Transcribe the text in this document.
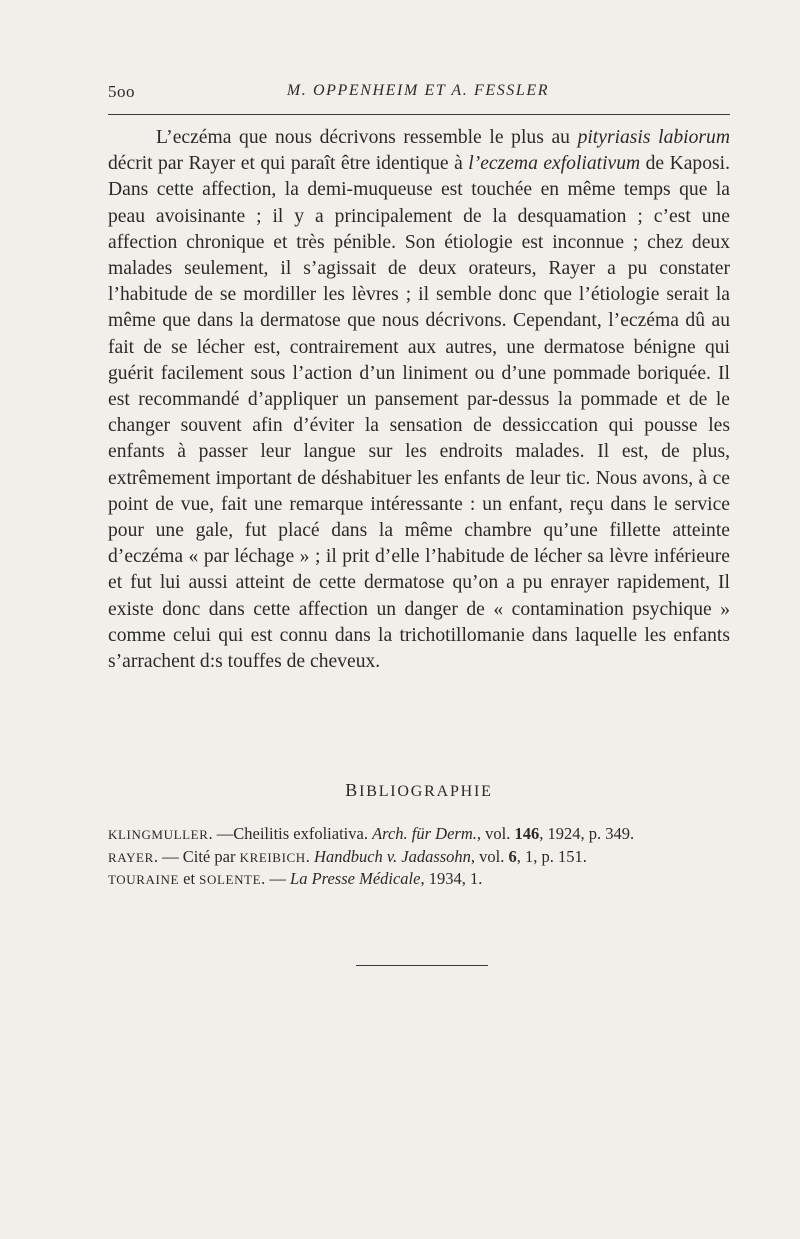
5oo	M. OPPENHEIM ET A. FESSLER

L’eczéma que nous décrivons ressemble le plus au pityriasis labiorum décrit par Rayer et qui paraît être identique à l’eczema exfoliativum de Kaposi. Dans cette affection, la demi-muqueuse est touchée en même temps que la peau avoisinante ; il y a principalement de la desquamation ; c’est une affection chronique et très pénible. Son étiologie est inconnue ; chez deux malades seulement, il s’agissait de deux orateurs, Rayer a pu constater l’habitude de se mordiller les lèvres ; il semble donc que l’étiologie serait la même que dans la dermatose que nous décrivons. Cependant, l’eczéma dû au fait de se lécher est, contrairement aux autres, une dermatose bénigne qui guérit facilement sous l’action d’un liniment ou d’une pommade boriquée. Il est recommandé d’appliquer un pansement par-dessus la pommade et de le changer souvent afin d’éviter la sensation de dessiccation qui pousse les enfants à passer leur langue sur les endroits malades. Il est, de plus, extrêmement important de déshabituer les enfants de leur tic. Nous avons, à ce point de vue, fait une remarque intéressante : un enfant, reçu dans le service pour une gale, fut placé dans la même chambre qu’une fillette atteinte d’eczéma « par léchage » ; il prit d’elle l’habitude de lécher sa lèvre inférieure et fut lui aussi atteint de cette dermatose qu’on a pu enrayer rapidement, Il existe donc dans cette affection un danger de « contamination psychique » comme celui qui est connu dans la trichotillomanie dans laquelle les enfants s’arrachent d:s touffes de cheveux.

BIBLIOGRAPHIE
KLINGMULLER. —Cheilitis exfoliativa. Arch. für Derm., vol. 146, 1924, p. 349.
RAYER. — Cité par KREIBICH. Handbuch v. Jadassohn, vol. 6, 1, p. 151.
TOURAINE et SOLENTE. — La Presse Médicale, 1934, 1.
